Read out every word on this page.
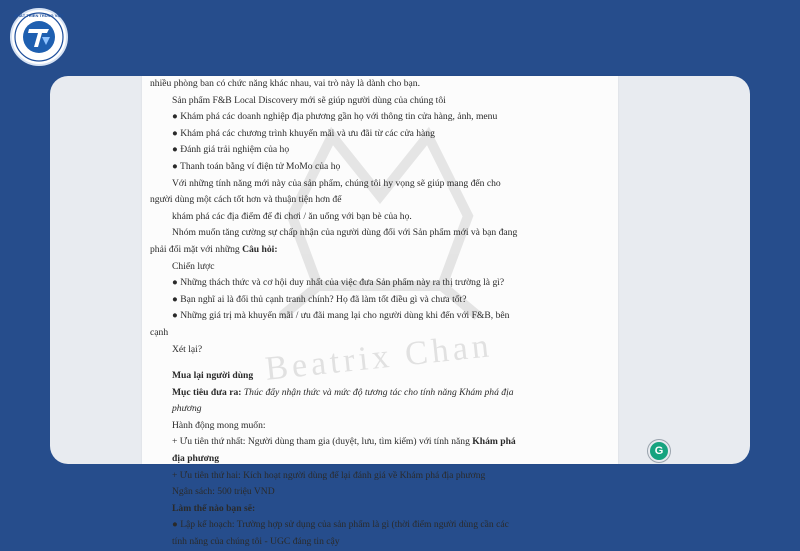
PHÁT TRIỂN TRUNG VIỆT
Beatrix Chan

nhiều phòng ban có chức năng khác nhau, vai trò này là dành cho bạn.

Sản phẩm F&B Local Discovery mới sẽ giúp người dùng của chúng tôi

● Khám phá các doanh nghiệp địa phương gần họ với thông tin cửa hàng, ảnh, menu

● Khám phá các chương trình khuyến mãi và ưu đãi từ các cửa hàng

● Đánh giá trải nghiệm của họ

● Thanh toán bằng ví điện tử MoMo của họ

Với những tính năng mới này của sản phẩm, chúng tôi hy vọng sẽ giúp mang đến cho

người dùng một cách tốt hơn và thuận tiện hơn để

khám phá các địa điểm để đi chơi / ăn uống với bạn bè của họ.

Nhóm muốn tăng cường sự chấp nhận của người dùng đối với Sản phẩm mới và bạn đang

phải đối mặt với những Câu hỏi:

Chiến lược

● Những thách thức và cơ hội duy nhất của việc đưa Sản phẩm này ra thị trường là gì?

● Bạn nghĩ ai là đối thủ cạnh tranh chính? Họ đã làm tốt điều gì và chưa tốt?

● Những giá trị mà khuyến mãi / ưu đãi mang lại cho người dùng khi đến với F&B, bên

cạnh

Xét lại?

Mua lại người dùng

Mục tiêu đưa ra: Thúc đẩy nhận thức và mức độ tương tác cho tính năng Khám phá địa

phương

Hành động mong muốn:

+ Ưu tiên thứ nhất: Người dùng tham gia (duyệt, lưu, tìm kiếm) với tính năng Khám phá

địa phương

+ Ưu tiên thứ hai: Kích hoạt người dùng để lại đánh giá về Khám phá địa phương

Ngân sách: 500 triệu VND

Làm thế nào bạn sẽ:

● Lập kế hoạch: Trường hợp sử dụng của sản phẩm là gì (thời điểm người dùng cần các

tính năng của chúng tôi - UGC đáng tin cậy

G
